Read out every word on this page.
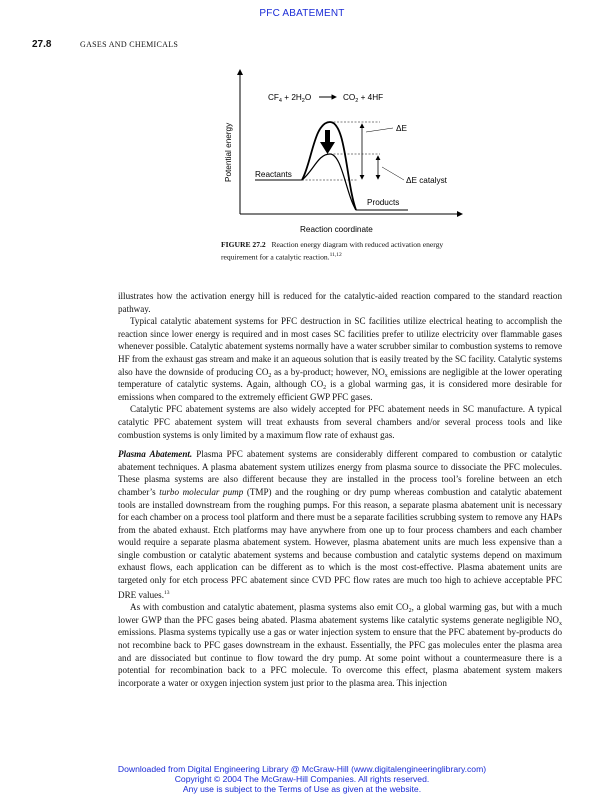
PFC ABATEMENT
27.8	GASES AND CHEMICALS
$CF_4 + 2H_2O$	$CO_2 + 4HF$
ΔE
ΔE catalyst
Reactants
Products
Potential energy
Reaction coordinate
FIGURE 27.2 Reaction energy diagram with reduced activation energy requirement for a catalytic reaction.$^{11,12}$

illustrates how the activation energy hill is reduced for the catalytic-aided reaction compared to the standard reaction pathway.

Typical catalytic abatement systems for PFC destruction in SC facilities utilize electrical heating to accomplish the reaction since lower energy is required and in most cases SC facilities prefer to utilize electricity over flammable gases whenever possible. Catalytic abatement systems normally have a water scrubber similar to combustion systems to remove HF from the exhaust gas stream and make it an aqueous solution that is easily treated by the SC facility. Catalytic systems also have the downside of producing $CO_2$ as a by-product; however, $NO_x$ emissions are negligible at the lower operating temperature of catalytic systems. Again, although $CO_2$ is a global warming gas, it is considered more desirable for emissions when compared to the extremely efficient GWP PFC gases.

Catalytic PFC abatement systems are also widely accepted for PFC abatement needs in SC manufacture. A typical catalytic PFC abatement system will treat exhausts from several chambers and/or several process tools and like combustion systems is only limited by a maximum flow rate of exhaust gas.

Plasma Abatement. Plasma PFC abatement systems are considerably different compared to combustion or catalytic abatement techniques. A plasma abatement system utilizes energy from plasma source to dissociate the PFC molecules. These plasma systems are also different because they are installed in the process tool’s foreline between an etch chamber’s turbo molecular pump (TMP) and the roughing or dry pump whereas combustion and catalytic abatement tools are installed downstream from the roughing pumps. For this reason, a separate plasma abatement unit is necessary for each chamber on a process tool platform and there must be a separate facilities scrubbing system to remove any HAPs from the abated exhaust. Etch platforms may have anywhere from one up to four process chambers and each chamber would require a separate plasma abatement system. However, plasma abatement units are much less expensive than a single combustion or catalytic abatement systems and because combustion and catalytic systems depend on maximum exhaust flows, each application can be different as to which is the most cost-effective. Plasma abatement units are targeted only for etch process PFC abatement since CVD PFC flow rates are much too high to achieve acceptable PFC DRE values.$^{13}$

As with combustion and catalytic abatement, plasma systems also emit $CO_2$, a global warming gas, but with a much lower GWP than the PFC gases being abated. Plasma abatement systems like catalytic systems generate negligible $NO_x$ emissions. Plasma systems typically use a gas or water injection system to ensure that the PFC abatement by-products do not recombine back to PFC gases downstream in the exhaust. Essentially, the PFC gas molecules enter the plasma area and are dissociated but continue to flow toward the dry pump. At some point without a countermeasure there is a potential for recombination back to a PFC molecule. To overcome this effect, plasma abatement system makers incorporate a water or oxygen injection system just prior to the plasma area. This injection

Downloaded from Digital Engineering Library @ McGraw-Hill (www.digitalengineeringlibrary.com)
Copyright © 2004 The McGraw-Hill Companies. All rights reserved.
Any use is subject to the Terms of Use as given at the website.
